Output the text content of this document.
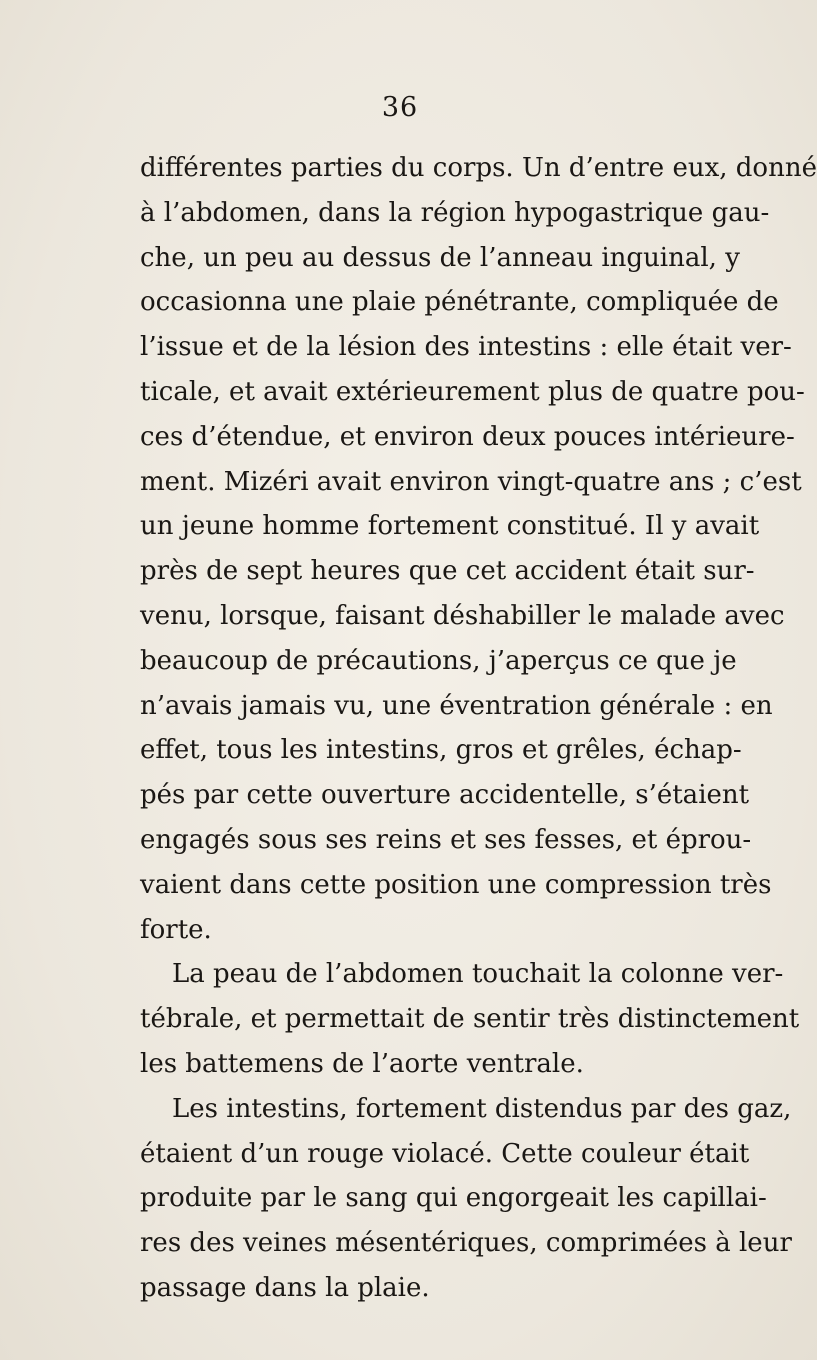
36
différentes parties du corps. Un d’entre eux, donné
à l’abdomen, dans la région hypogastrique gau-
che, un peu au dessus de l’anneau inguinal, y
occasionna une plaie pénétrante, compliquée de
l’issue et de la lésion des intestins : elle était ver-
ticale, et avait extérieurement plus de quatre pou-
ces d’étendue, et environ deux pouces intérieure-
ment. Mizéri avait environ vingt-quatre ans ; c’est
un jeune homme fortement constitué. Il y avait
près de sept heures que cet accident était sur-
venu, lorsque, faisant déshabiller le malade avec
beaucoup de précautions, j’aperçus ce que je
n’avais jamais vu, une éventration générale : en
effet, tous les intestins, gros et grêles, échap-
pés par cette ouverture accidentelle, s’étaient
engagés sous ses reins et ses fesses, et éprou-
vaient dans cette position une compression très
forte.
La peau de l’abdomen touchait la colonne ver-
tébrale, et permettait de sentir très distinctement
les battemens de l’aorte ventrale.
Les intestins, fortement distendus par des gaz,
étaient d’un rouge violacé. Cette couleur était
produite par le sang qui engorgeait les capillai-
res des veines mésentériques, comprimées à leur
passage dans la plaie.
